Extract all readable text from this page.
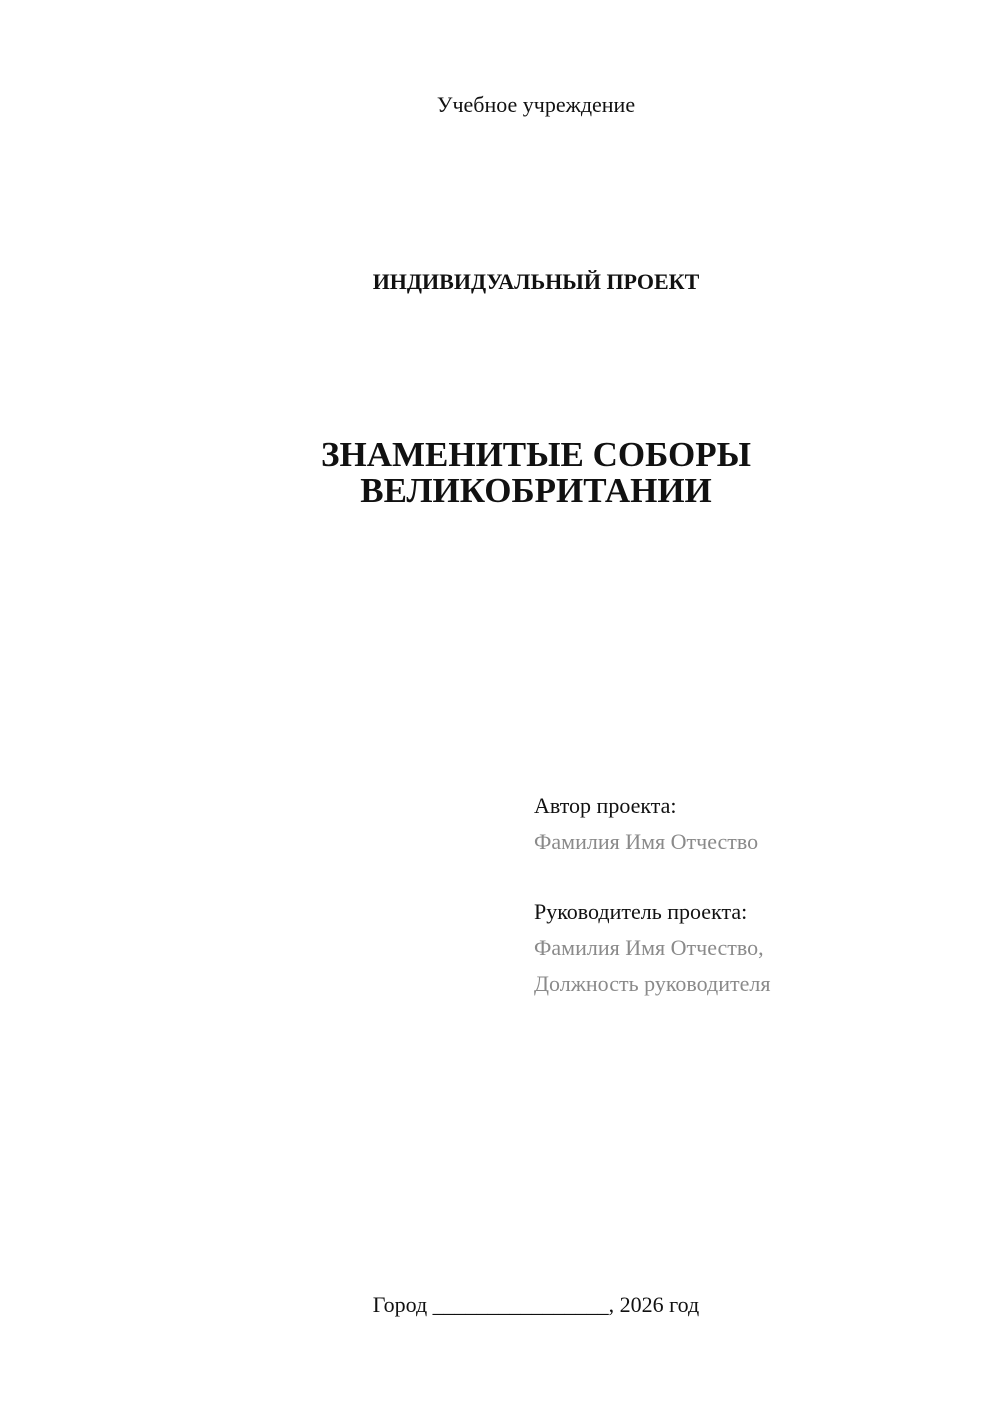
Учебное учреждение
ИНДИВИДУАЛЬНЫЙ ПРОЕКТ
ЗНАМЕНИТЫЕ СОБОРЫ
ВЕЛИКОБРИТАНИИ
Автор проекта:
Фамилия Имя Отчество
Руководитель проекта:
Фамилия Имя Отчество,
Должность руководителя
Город ________________, 2026 год
